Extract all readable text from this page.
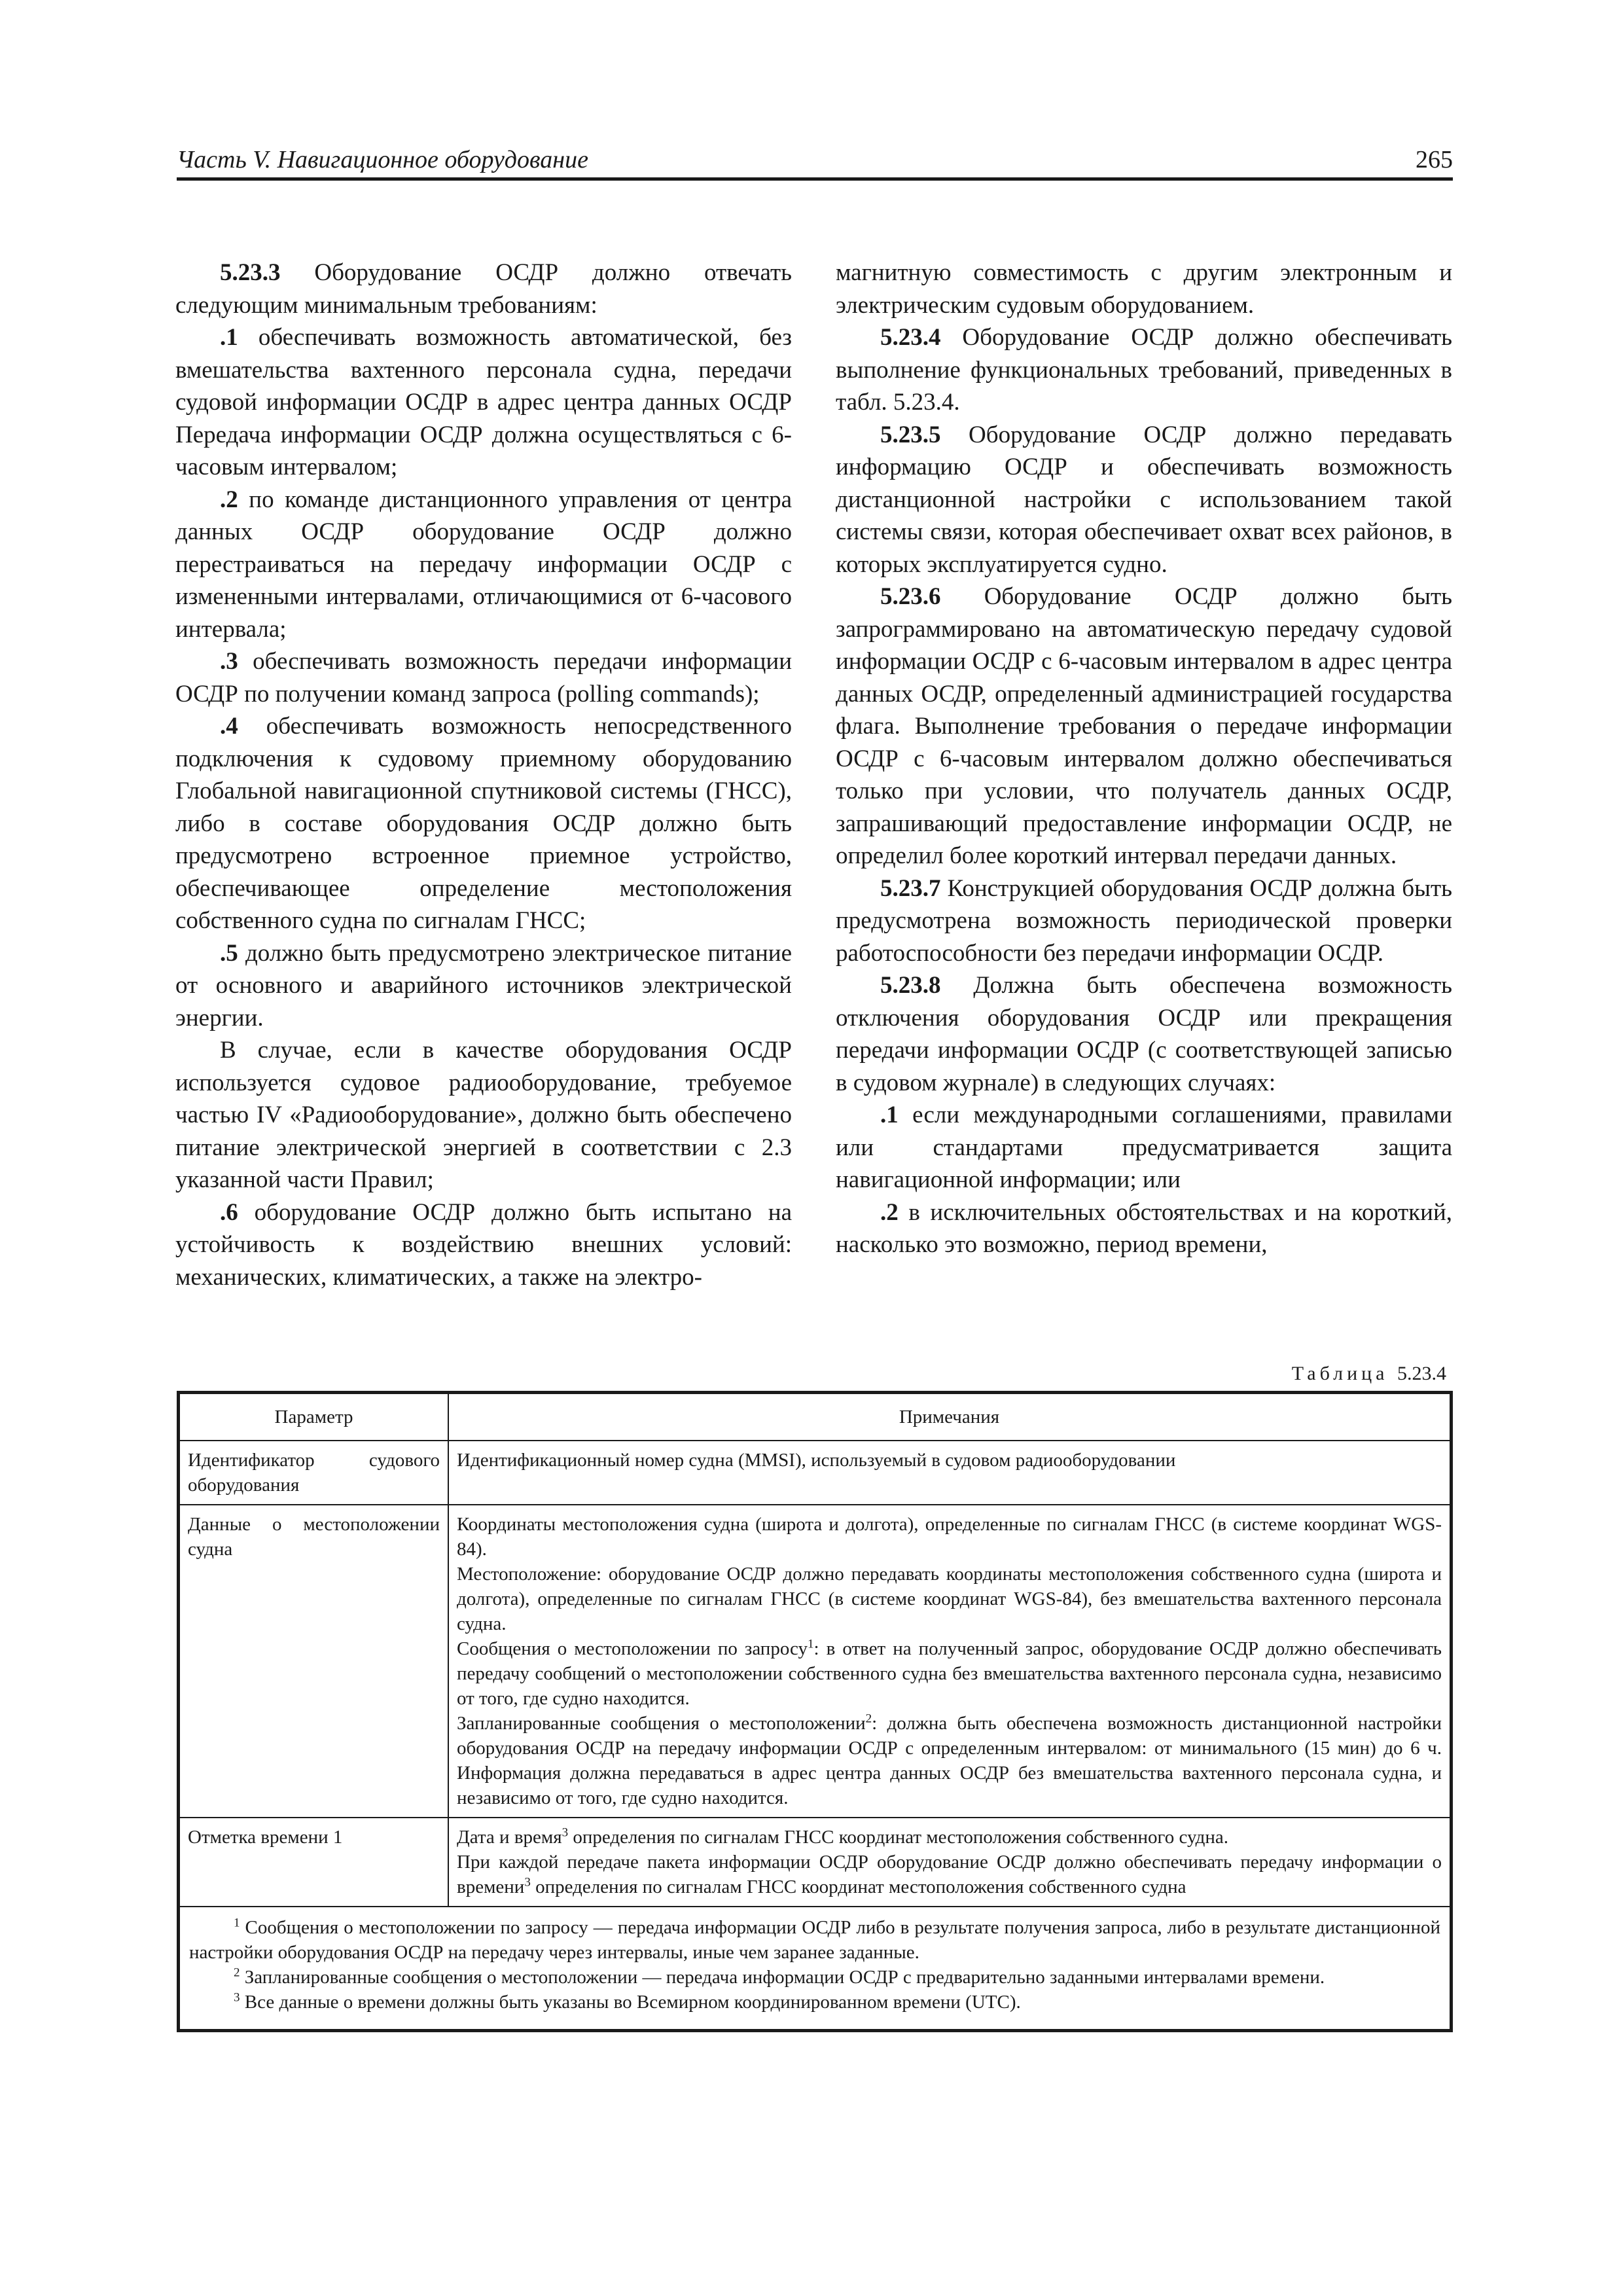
Часть V. Навигационное оборудование	265

5.23.3 Оборудование ОСДР должно отвечать следующим минимальным требованиям:

.1 обеспечивать возможность автоматической, без вмешательства вахтенного персонала судна, передачи судовой информации ОСДР в адрес центра данных ОСДР Передача информации ОСДР должна осуществляться с 6-часовым интервалом;

.2 по команде дистанционного управления от центра данных ОСДР оборудование ОСДР должно перестраиваться на передачу информации ОСДР с измененными интервалами, отличающимися от 6-часового интервала;

.3 обеспечивать возможность передачи информации ОСДР по получении команд запроса (polling commands);

.4 обеспечивать возможность непосредственного подключения к судовому приемному оборудованию Глобальной навигационной спутниковой системы (ГНСС), либо в составе оборудования ОСДР должно быть предусмотрено встроенное приемное устройство, обеспечивающее определение местоположения собственного судна по сигналам ГНСС;

.5 должно быть предусмотрено электрическое питание от основного и аварийного источников электрической энергии.

В случае, если в качестве оборудования ОСДР используется судовое радиооборудование, требуемое частью IV «Радиооборудование», должно быть обеспечено питание электрической энергией в соответствии с 2.3 указанной части Правил;

.6 оборудование ОСДР должно быть испытано на устойчивость к воздействию внешних условий: механических, климатических, а также на электро-

магнитную совместимость с другим электронным и электрическим судовым оборудованием.

5.23.4 Оборудование ОСДР должно обеспечивать выполнение функциональных требований, приведенных в табл. 5.23.4.

5.23.5 Оборудование ОСДР должно передавать информацию ОСДР и обеспечивать возможность дистанционной настройки с использованием такой системы связи, которая обеспечивает охват всех районов, в которых эксплуатируется судно.

5.23.6 Оборудование ОСДР должно быть запрограммировано на автоматическую передачу судовой информации ОСДР с 6-часовым интервалом в адрес центра данных ОСДР, определенный администрацией государства флага. Выполнение требования о передаче информации ОСДР с 6-часовым интервалом должно обеспечиваться только при условии, что получатель данных ОСДР, запрашивающий предоставление информации ОСДР, не определил более короткий интервал передачи данных.

5.23.7 Конструкцией оборудования ОСДР должна быть предусмотрена возможность периодической проверки работоспособности без передачи информации ОСДР.

5.23.8 Должна быть обеспечена возможность отключения оборудования ОСДР или прекращения передачи информации ОСДР (с соответствующей записью в судовом журнале) в следующих случаях:

.1 если международными соглашениями, правилами или стандартами предусматривается защита навигационной информации; или

.2 в исключительных обстоятельствах и на короткий, насколько это возможно, период времени,

Таблица 5.23.4
Параметр	Примечания
Идентификатор судового оборудования	Идентификационный номер судна (MMSI), используемый в судовом радиооборудовании

Данные о местоположении судна	Координаты местоположения судна (широта и долгота), определенные по сигналам ГНСС (в системе координат WGS-84).

Местоположение: оборудование ОСДР должно передавать координаты местоположения собственного судна (широта и долгота), определенные по сигналам ГНСС (в системе координат WGS-84), без вмешательства вахтенного персонала судна.

Сообщения о местоположении по запросу$^1$: в ответ на полученный запрос, оборудование ОСДР должно обеспечивать передачу сообщений о местоположении собственного судна без вмешательства вахтенного персонала судна, независимо от того, где судно находится.

Запланированные сообщения о местоположении$^2$: должна быть обеспечена возможность дистанционной настройки оборудования ОСДР на передачу информации ОСДР с определенным интервалом: от минимального (15 мин) до 6 ч. Информация должна передаваться в адрес центра данных ОСДР без вмешательства вахтенного персонала судна, и независимо от того, где судно находится.

Отметка времени 1	Дата и время$^3$ определения по сигналам ГНСС координат местоположения собственного судна.

При каждой передаче пакета информации ОСДР оборудование ОСДР должно обеспечивать передачу информации о времени$^3$ определения по сигналам ГНСС координат местоположения собственного судна

$^1$ Сообщения о местоположении по запросу — передача информации ОСДР либо в результате получения запроса, либо в результате дистанционной настройки оборудования ОСДР на передачу через интервалы, иные чем заранее заданные.

$^2$ Запланированные сообщения о местоположении — передача информации ОСДР с предварительно заданными интервалами времени.

$^3$ Все данные о времени должны быть указаны во Всемирном координированном времени (UTC).	
